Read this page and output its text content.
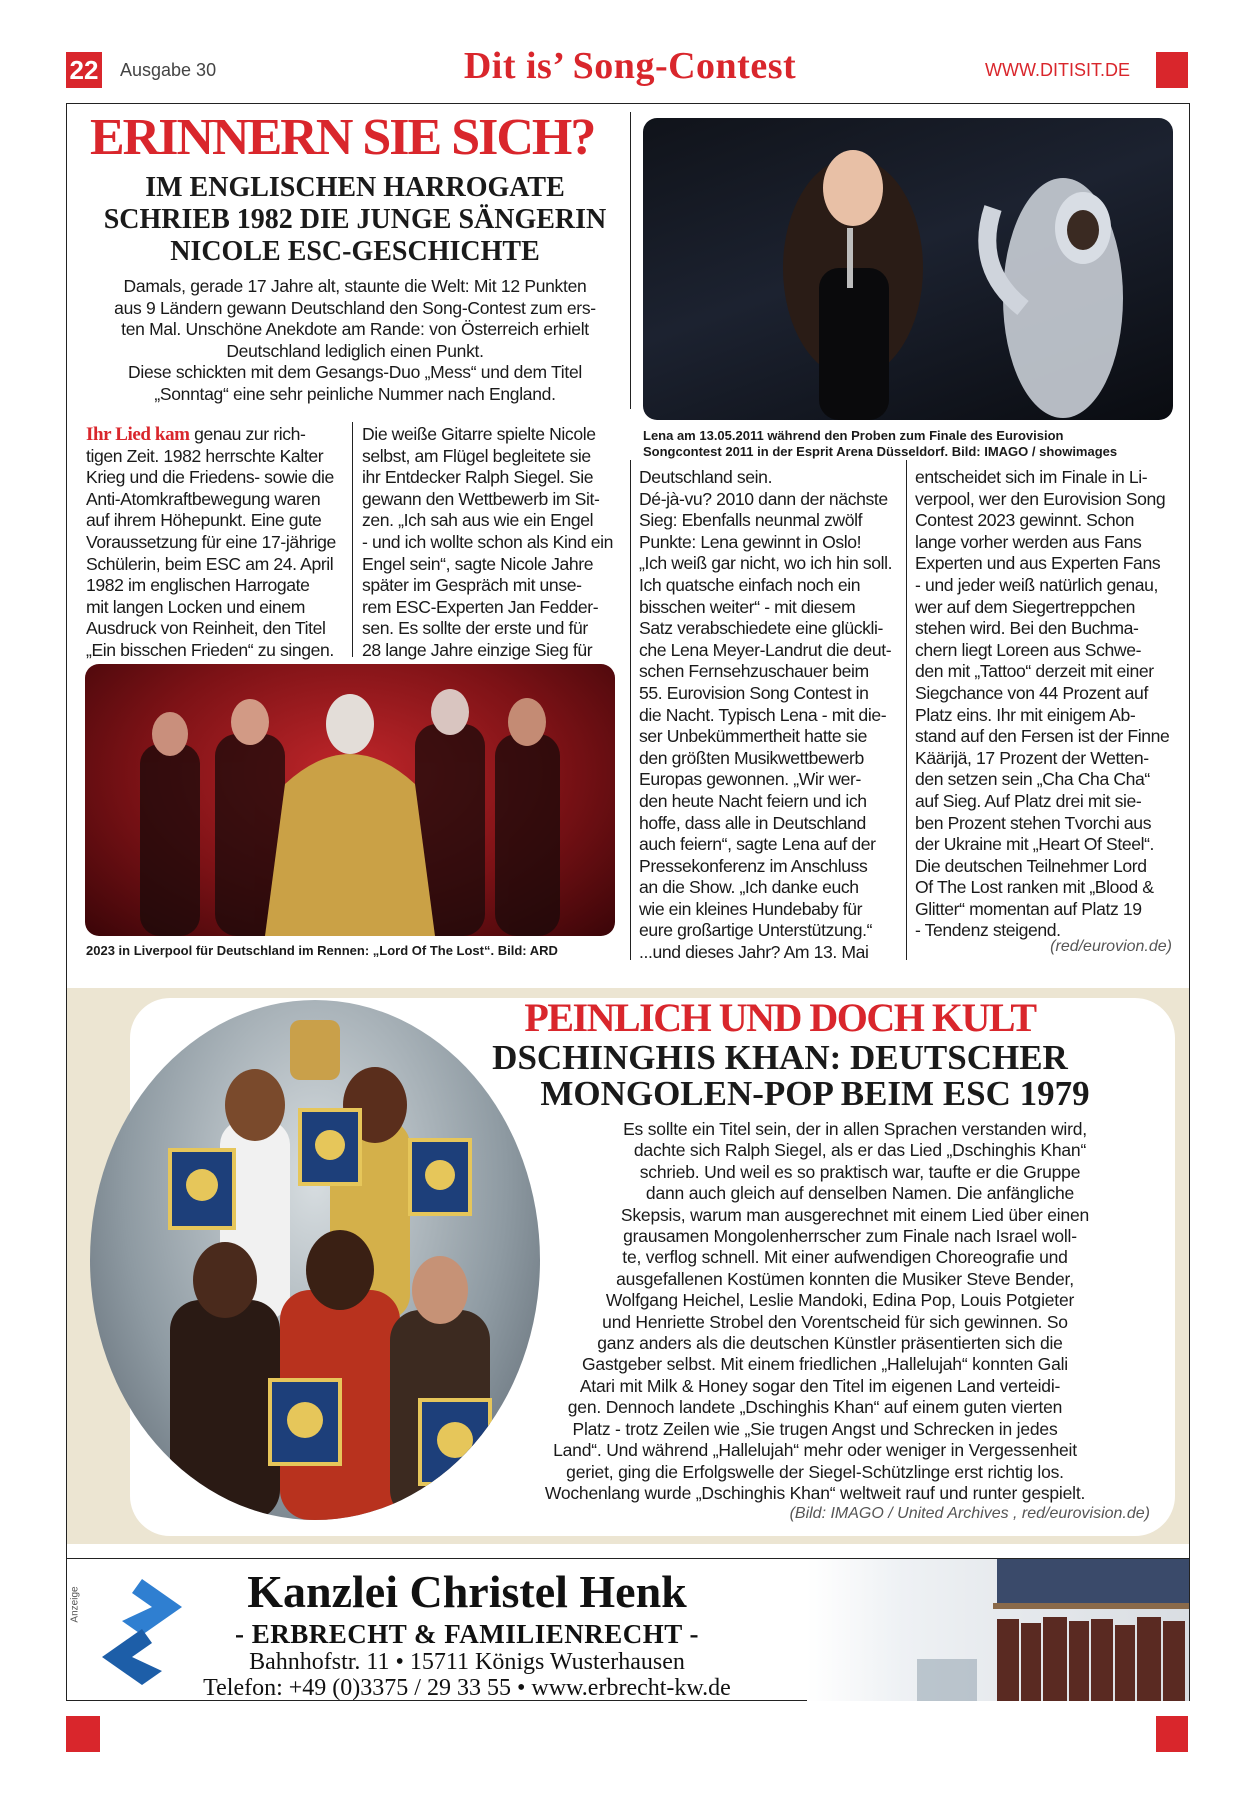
22 Ausgabe 30	Dit is’ Song-Contest	WWW.DITISIT.DE
ERINNERN SIE SICH?
IM ENGLISCHEN HARROGATE
SCHRIEB 1982 DIE JUNGE SÄNGERIN
NICOLE ESC-GESCHICHTE
Damals, gerade 17 Jahre alt, staunte die Welt: Mit 12 Punkten
aus 9 Ländern gewann Deutschland den Song-Contest zum ers-
ten Mal. Unschöne Anekdote am Rande: von Österreich erhielt
Deutschland lediglich einen Punkt.
Diese schickten mit dem Gesangs-Duo „Mess“ und dem Titel
„Sonntag“ eine sehr peinliche Nummer nach England.
Lena am 13.05.2011 während den Proben zum Finale des Eurovision
Songcontest 2011 in der Esprit Arena Düsseldorf. Bild: IMAGO / showimages

Ihr Lied kam genau zur rich-

tigen Zeit. 1982 herrschte Kalter

Krieg und die Friedens- sowie die

Anti-Atomkraftbewegung waren

auf ihrem Höhepunkt. Eine gute

Voraussetzung für eine 17-jährige

Schülerin, beim ESC am 24. April

1982 im englischen Harrogate

mit langen Locken und einem

Ausdruck von Reinheit, den Titel

„Ein bisschen Frieden“ zu singen.

Die weiße Gitarre spielte Nicole

selbst, am Flügel begleitete sie

ihr Entdecker Ralph Siegel. Sie

gewann den Wettbewerb im Sit-

zen. „Ich sah aus wie ein Engel

- und ich wollte schon als Kind ein

Engel sein“, sagte Nicole Jahre

später im Gespräch mit unse-

rem ESC-Experten Jan Fedder-

sen. Es sollte der erste und für

28 lange Jahre einzige Sieg für

2023 in Liverpool für Deutschland im Rennen: „Lord Of The Lost“. Bild: ARD

Deutschland sein.

Dé-jà-vu? 2010 dann der nächste

Sieg: Ebenfalls neunmal zwölf

Punkte: Lena gewinnt in Oslo!

„Ich weiß gar nicht, wo ich hin soll.

Ich quatsche einfach noch ein

bisschen weiter“ - mit diesem

Satz verabschiedete eine glückli-

che Lena Meyer-Landrut die deut-

schen Fernsehzuschauer beim

55. Eurovision Song Contest in

die Nacht. Typisch Lena - mit die-

ser Unbekümmertheit hatte sie

den größten Musikwettbewerb

Europas gewonnen. „Wir wer-

den heute Nacht feiern und ich

hoffe, dass alle in Deutschland

auch feiern“, sagte Lena auf der

Pressekonferenz im Anschluss

an die Show. „Ich danke euch

wie ein kleines Hundebaby für

eure großartige Unterstützung.“

...und dieses Jahr? Am 13. Mai

entscheidet sich im Finale in Li-

verpool, wer den Eurovision Song

Contest 2023 gewinnt. Schon

lange vorher werden aus Fans

Experten und aus Experten Fans

- und jeder weiß natürlich genau,

wer auf dem Siegertreppchen

stehen wird. Bei den Buchma-

chern liegt Loreen aus Schwe-

den mit „Tattoo“ derzeit mit einer

Siegchance von 44 Prozent auf

Platz eins. Ihr mit einigem Ab-

stand auf den Fersen ist der Finne

Käärijä, 17 Prozent der Wetten-

den setzen sein „Cha Cha Cha“

auf Sieg. Auf Platz drei mit sie-

ben Prozent stehen Tvorchi aus

der Ukraine mit „Heart Of Steel“.

Die deutschen Teilnehmer Lord

Of The Lost ranken mit „Blood &

Glitter“ momentan auf Platz 19

- Tendenz steigend.

(red/eurovion.de)
PEINLICH UND DOCH KULT
DSCHINGHIS KHAN: DEUTSCHER
MONGOLEN-POP BEIM ESC 1979
Es sollte ein Titel sein, der in allen Sprachen verstanden wird,
dachte sich Ralph Siegel, als er das Lied „Dschinghis Khan“
schrieb. Und weil es so praktisch war, taufte er die Gruppe
dann auch gleich auf denselben Namen. Die anfängliche
Skepsis, warum man ausgerechnet mit einem Lied über einen
grausamen Mongolenherrscher zum Finale nach Israel woll-
te, verflog schnell. Mit einer aufwendigen Choreografie und
ausgefallenen Kostümen konnten die Musiker Steve Bender,
Wolfgang Heichel, Leslie Mandoki, Edina Pop, Louis Potgieter
und Henriette Strobel den Vorentscheid für sich gewinnen. So
ganz anders als die deutschen Künstler präsentierten sich die
Gastgeber selbst. Mit einem friedlichen „Hallelujah“ konnten Gali
Atari mit Milk & Honey sogar den Titel im eigenen Land verteidi-
gen. Dennoch landete „Dschinghis Khan“ auf einem guten vierten
Platz - trotz Zeilen wie „Sie trugen Angst und Schrecken in jedes
Land“. Und während „Hallelujah“ mehr oder weniger in Vergessenheit
geriet, ging die Erfolgswelle der Siegel-Schützlinge erst richtig los.
Wochenlang wurde „Dschinghis Khan“ weltweit rauf und runter gespielt.
(Bild: IMAGO / United Archives , red/eurovision.de)
Anzeige	Kanzlei Christel Henk
- ERBRECHT & FAMILIENRECHT -
Bahnhofstr. 11 • 15711 Königs Wusterhausen
Telefon: +49 (0)3375 / 29 33 55 • www.erbrecht-kw.de
